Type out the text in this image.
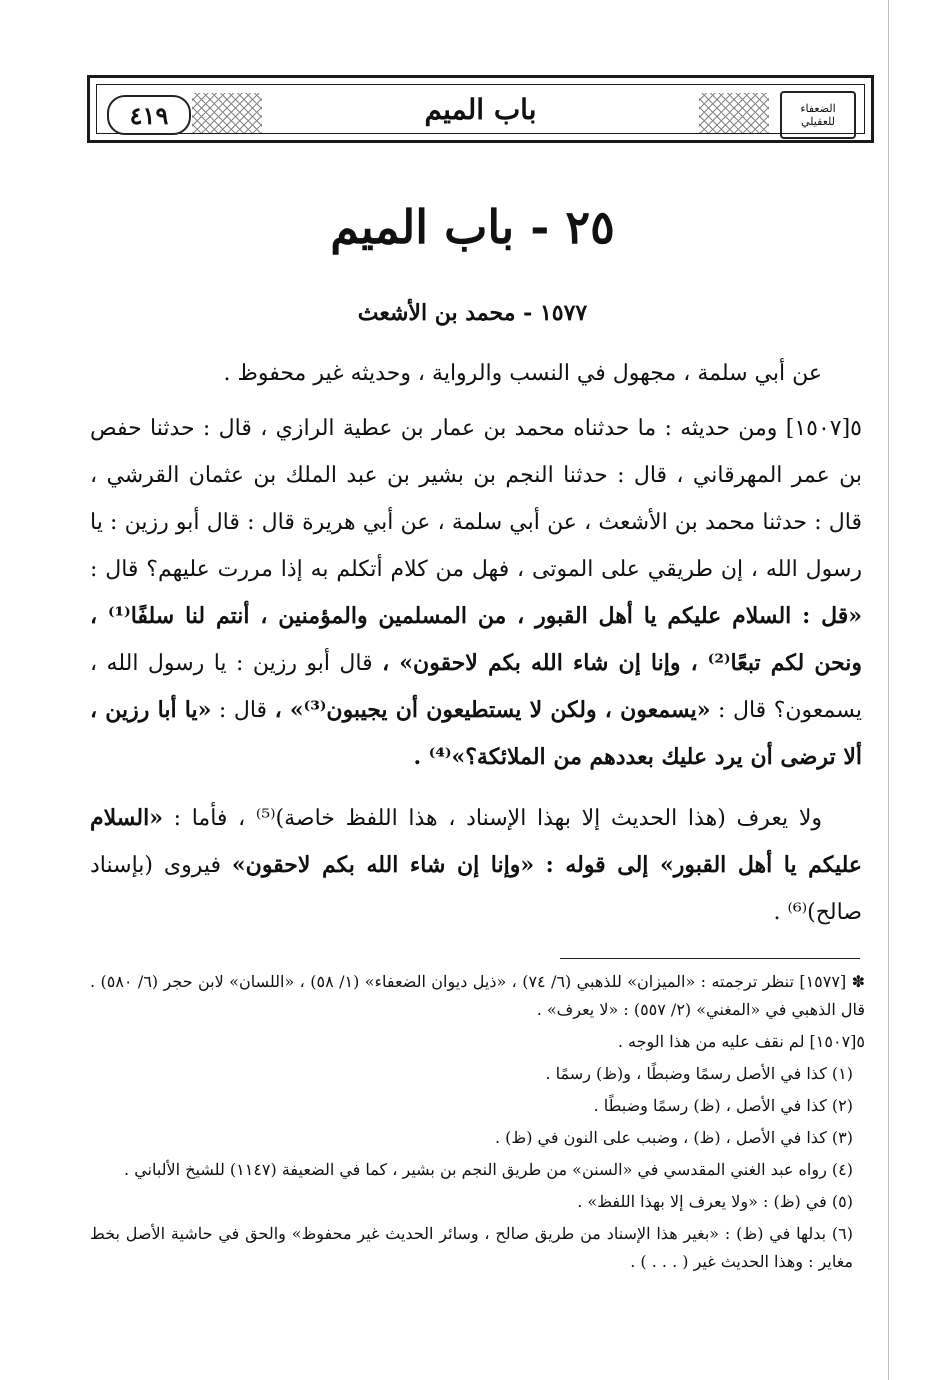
٤١٩	باب الميم	الضعفاء
للعقيلي
٢٥ - باب الميم
١٥٧٧ - محمد بن الأشعث
عن أبي سلمة ، مجهول في النسب والرواية ، وحديثه غير محفوظ .
٥[١٥٠٧] ومن حديثه : ما حدثناه محمد بن عمار بن عطية الرازي ، قال : حدثنا حفص بن عمر المهرقاني ، قال : حدثنا النجم بن بشير بن عبد الملك بن عثمان القرشي ، قال : حدثنا محمد بن الأشعث ، عن أبي سلمة ، عن أبي هريرة قال : قال أبو رزين : يا رسول الله ، إن طريقي على الموتى ، فهل من كلام أتكلم به إذا مررت عليهم؟ قال : «قل : السلام عليكم يا أهل القبور ، من المسلمين والمؤمنين ، أنتم لنا سلفًا⁽¹⁾ ، ونحن لكم تبعًا⁽²⁾ ، وإنا إن شاء الله بكم لاحقون» ، قال أبو رزين : يا رسول الله ، يسمعون؟ قال : «يسمعون ، ولكن لا يستطيعون أن يجيبون⁽³⁾» ، قال : «يا أبا رزين ، ألا ترضى أن يرد عليك بعددهم من الملائكة؟»⁽⁴⁾ .
ولا يعرف (هذا الحديث إلا بهذا الإسناد ، هذا اللفظ خاصة)⁽⁵⁾ ، فأما : «السلام عليكم يا أهل القبور» إلى قوله : «وإنا إن شاء الله بكم لاحقون» فيروى (بإسناد صالح)⁽⁶⁾ .

✽ [١٥٧٧] تنظر ترجمته : «الميزان» للذهبي (٦/ ٧٤) ، «ذيل ديوان الضعفاء» (١/ ٥٨) ، «اللسان» لابن حجر (٦/ ٥٨٠) . قال الذهبي في «المغني» (٢/ ٥٥٧) : «لا يعرف» .

٥[١٥٠٧] لم نقف عليه من هذا الوجه .

(١) كذا في الأصل رسمًا وضبطًا ، و(ظ) رسمًا .

(٢) كذا في الأصل ، (ظ) رسمًا وضبطًا .

(٣) كذا في الأصل ، (ظ) ، وضبب على النون في (ظ) .

(٤) رواه عبد الغني المقدسي في «السنن» من طريق النجم بن بشير ، كما في الضعيفة (١١٤٧) للشيخ الألباني .

(٥) في (ظ) : «ولا يعرف إلا بهذا اللفظ» .

(٦) بدلها في (ظ) : «بغير هذا الإسناد من طريق صالح ، وسائر الحديث غير محفوظ» والحق في حاشية الأصل بخط مغاير : وهذا الحديث غير ( . . . ) .
